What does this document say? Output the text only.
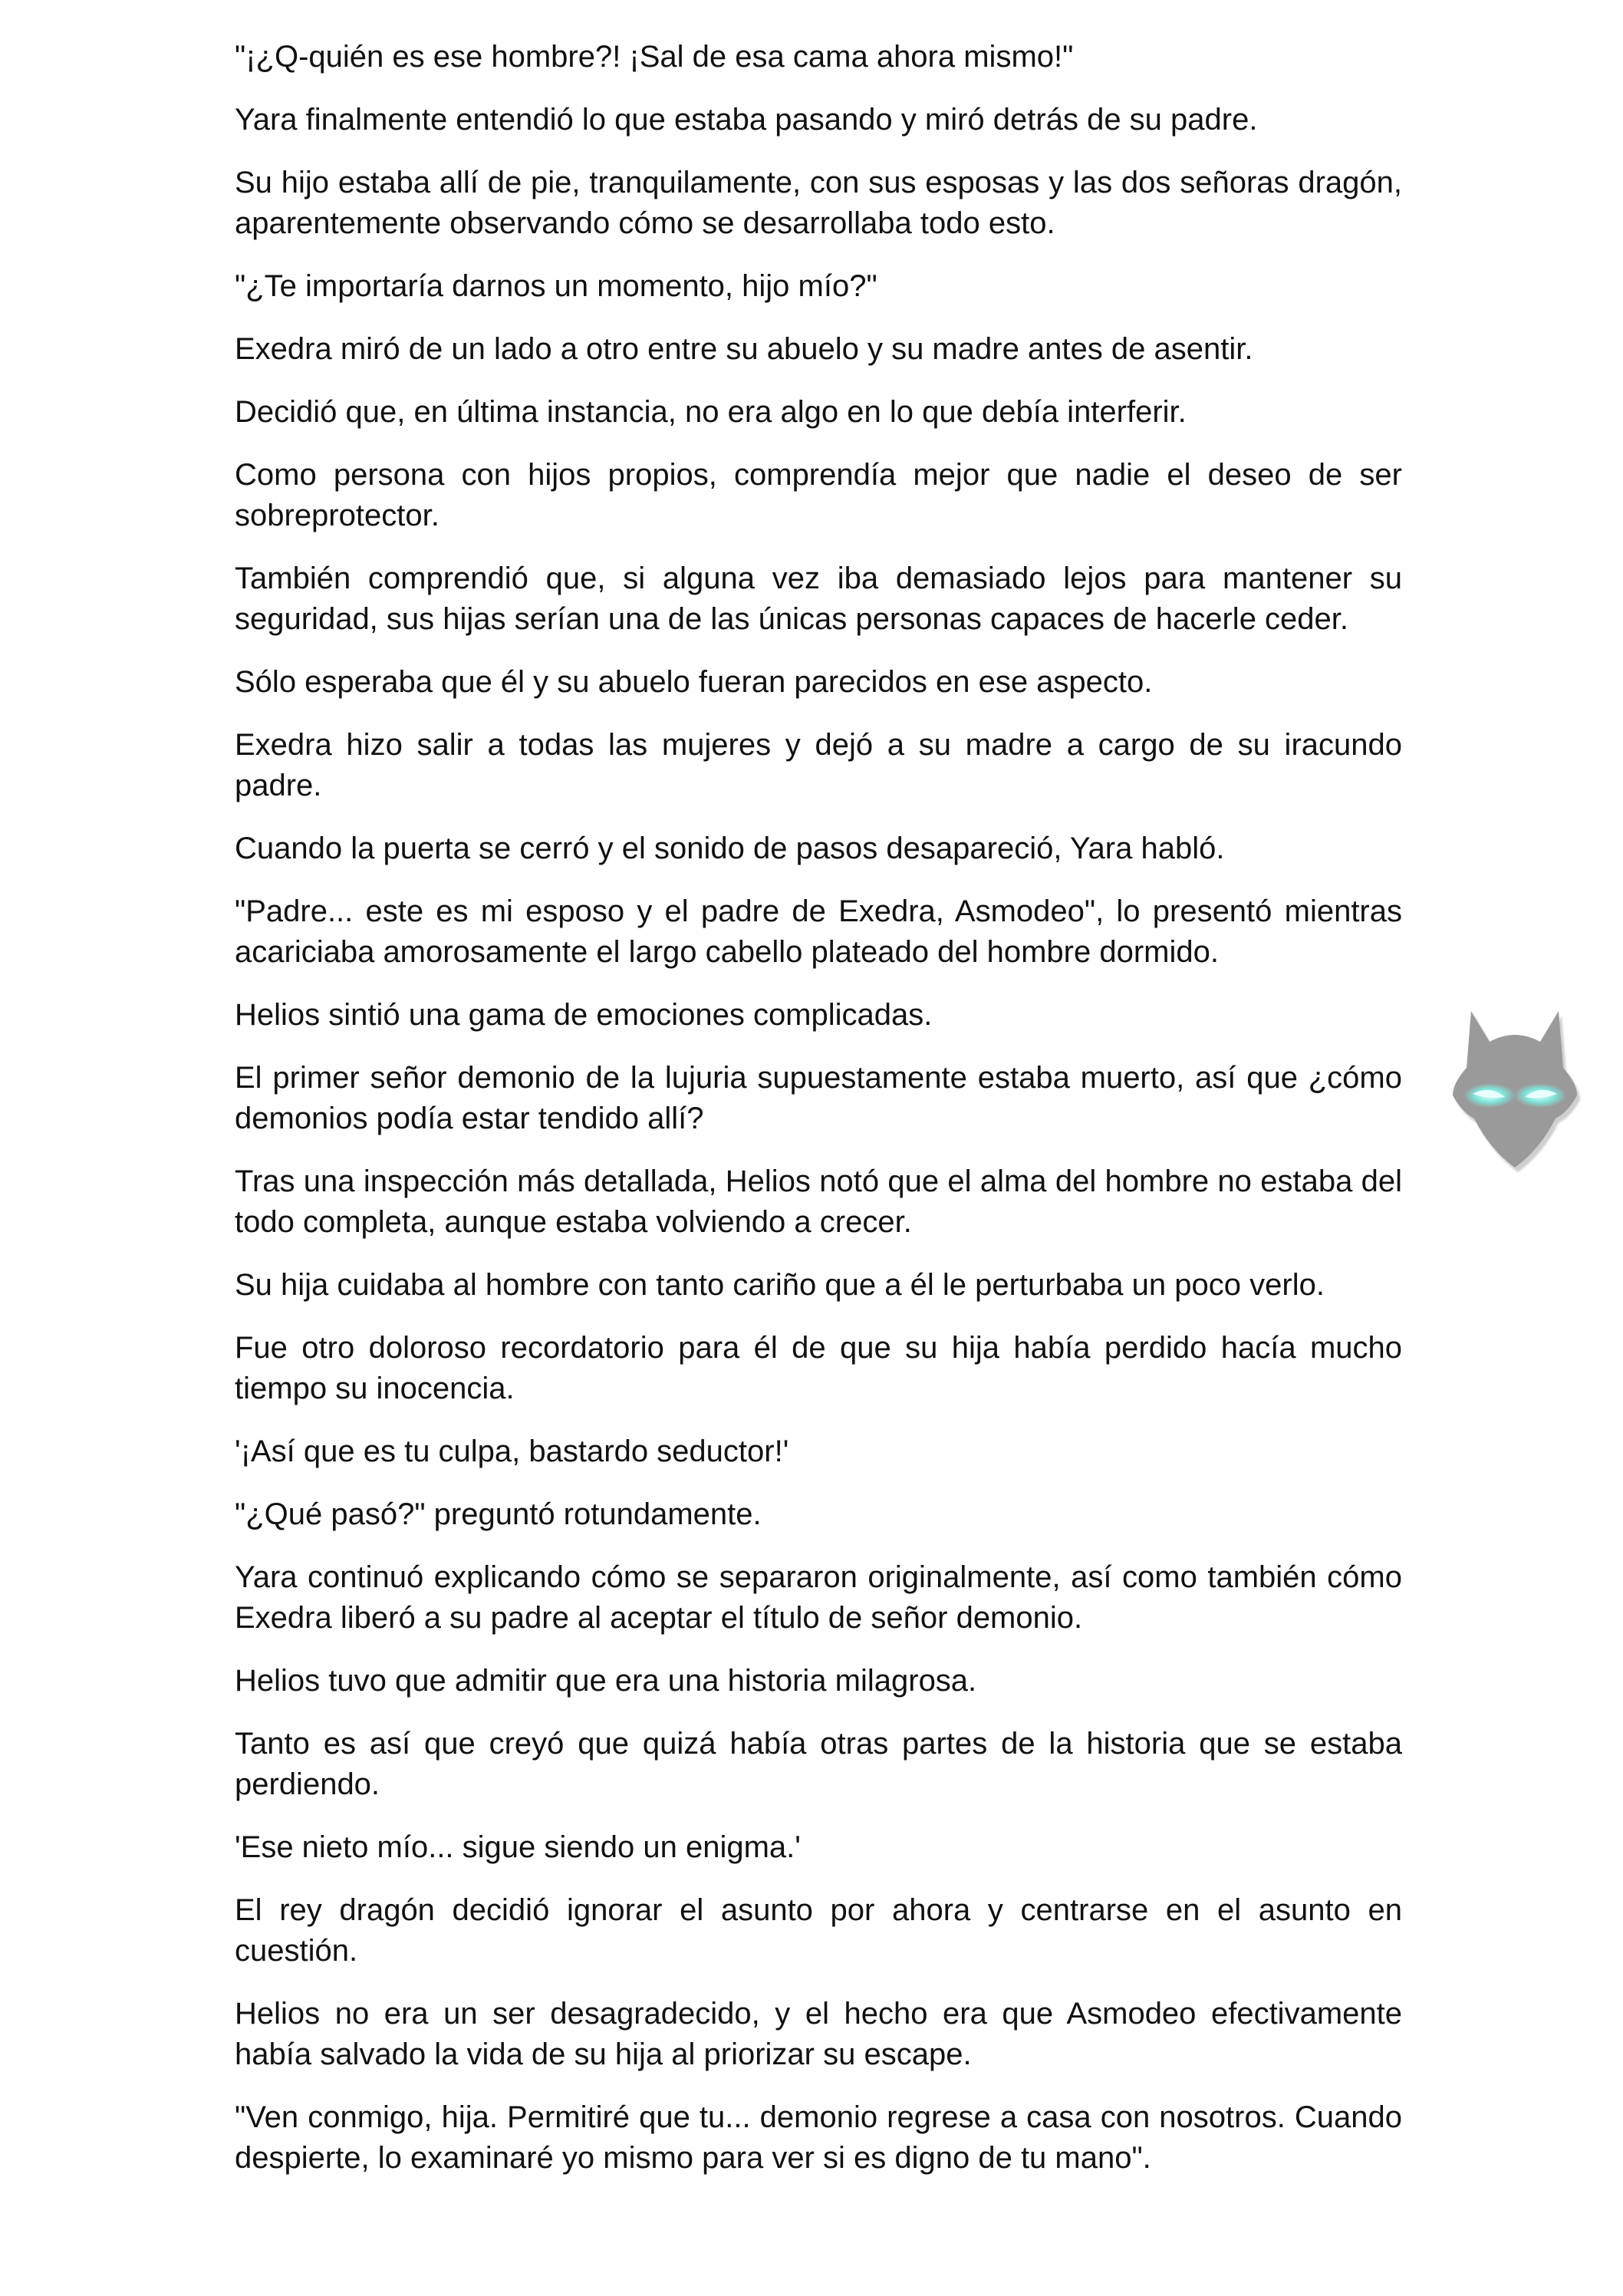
"¡¿Q-quién es ese hombre?! ¡Sal de esa cama ahora mismo!"

Yara finalmente entendió lo que estaba pasando y miró detrás de su padre.

Su hijo estaba allí de pie, tranquilamente, con sus esposas y las dos señoras dragón, aparentemente observando cómo se desarrollaba todo esto.

"¿Te importaría darnos un momento, hijo mío?"

Exedra miró de un lado a otro entre su abuelo y su madre antes de asentir.

Decidió que, en última instancia, no era algo en lo que debía interferir.

Como persona con hijos propios, comprendía mejor que nadie el deseo de ser sobreprotector.

También comprendió que, si alguna vez iba demasiado lejos para mantener su seguridad, sus hijas serían una de las únicas personas capaces de hacerle ceder.

Sólo esperaba que él y su abuelo fueran parecidos en ese aspecto.

Exedra hizo salir a todas las mujeres y dejó a su madre a cargo de su iracundo padre.

Cuando la puerta se cerró y el sonido de pasos desapareció, Yara habló.

"Padre... este es mi esposo y el padre de Exedra, Asmodeo", lo presentó mientras acariciaba amorosamente el largo cabello plateado del hombre dormido.

Helios sintió una gama de emociones complicadas.

El primer señor demonio de la lujuria supuestamente estaba muerto, así que ¿cómo demonios podía estar tendido allí?

Tras una inspección más detallada, Helios notó que el alma del hombre no estaba del todo completa, aunque estaba volviendo a crecer.

Su hija cuidaba al hombre con tanto cariño que a él le perturbaba un poco verlo.

Fue otro doloroso recordatorio para él de que su hija había perdido hacía mucho tiempo su inocencia.

'¡Así que es tu culpa, bastardo seductor!'

"¿Qué pasó?" preguntó rotundamente.

Yara continuó explicando cómo se separaron originalmente, así como también cómo Exedra liberó a su padre al aceptar el título de señor demonio.

Helios tuvo que admitir que era una historia milagrosa.

Tanto es así que creyó que quizá había otras partes de la historia que se estaba perdiendo.

'Ese nieto mío... sigue siendo un enigma.'

El rey dragón decidió ignorar el asunto por ahora y centrarse en el asunto en cuestión.

Helios no era un ser desagradecido, y el hecho era que Asmodeo efectivamente había salvado la vida de su hija al priorizar su escape.

"Ven conmigo, hija. Permitiré que tu... demonio regrese a casa con nosotros. Cuando despierte, lo examinaré yo mismo para ver si es digno de tu mano".
